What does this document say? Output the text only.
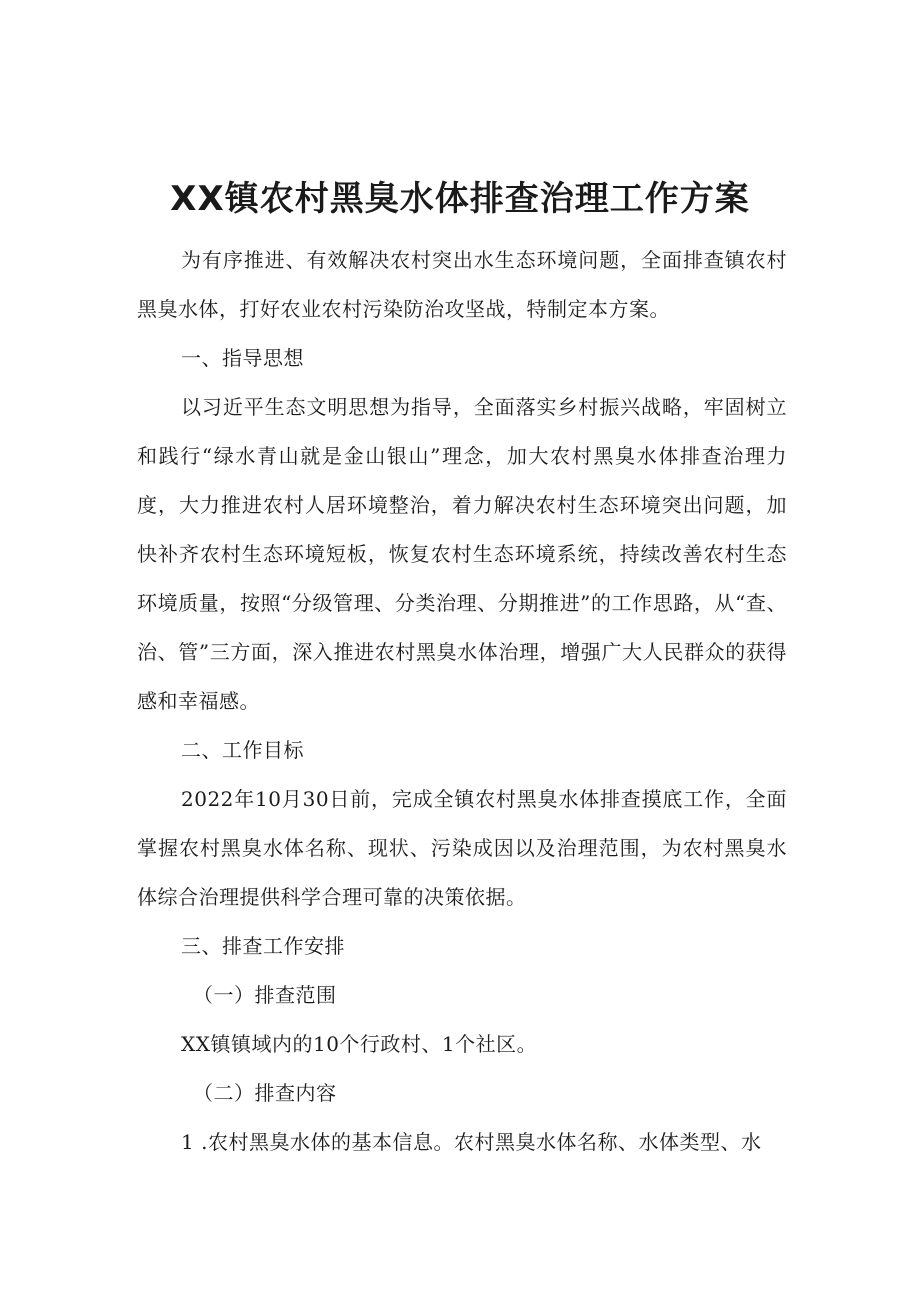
XX镇农村黑臭水体排查治理工作方案

为有序推进、有效解决农村突出水生态环境问题，全面排查镇农村黑臭水体，打好农业农村污染防治攻坚战，特制定本方案。

一、指导思想

以习近平生态文明思想为指导，全面落实乡村振兴战略，牢固树立和践行“绿水青山就是金山银山”理念，加大农村黑臭水体排查治理力度，大力推进农村人居环境整治，着力解决农村生态环境突出问题，加快补齐农村生态环境短板，恢复农村生态环境系统，持续改善农村生态环境质量，按照“分级管理、分类治理、分期推进”的工作思路，从“查、治、管”三方面，深入推进农村黑臭水体治理，增强广大人民群众的获得感和幸福感。

二、工作目标

2022年10月30日前，完成全镇农村黑臭水体排查摸底工作，全面掌握农村黑臭水体名称、现状、污染成因以及治理范围，为农村黑臭水体综合治理提供科学合理可靠的决策依据。

三、排查工作安排

（一）排查范围

XX镇镇域内的10个行政村、1个社区。

（二）排查内容

1 .农村黑臭水体的基本信息。农村黑臭水体名称、水体类型、水
